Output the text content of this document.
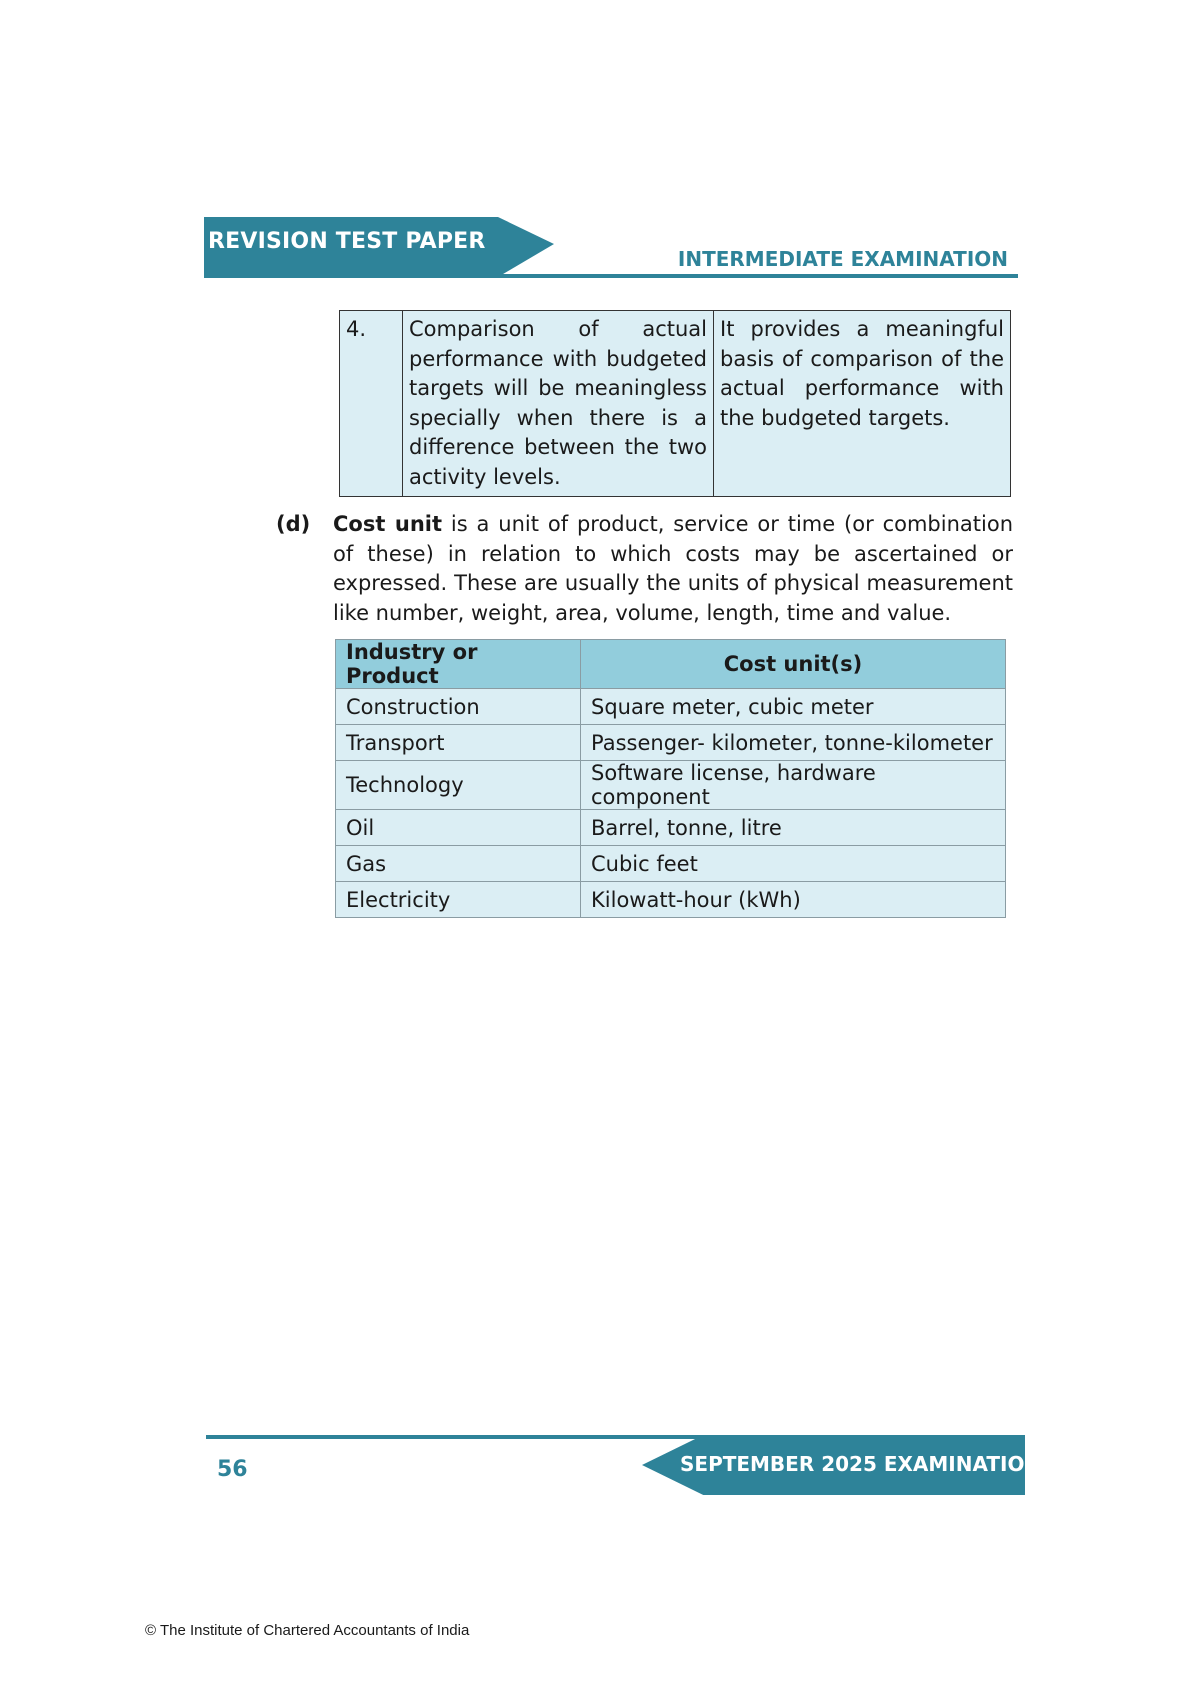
REVISION TEST PAPER
INTERMEDIATE EXAMINATION
4.	Comparison of actual performance with budgeted targets will be meaningless specially when there is a difference between the two activity levels.	It provides a meaningful basis of comparison of the actual performance with the budgeted targets.
(d) Cost unit is a unit of product, service or time (or combination of these) in relation to which costs may be ascertained or expressed. These are usually the units of physical measurement like number, weight, area, volume, length, time and value.

Industry or Product	Cost unit(s)
Construction	Square meter, cubic meter
Transport	Passenger- kilometer, tonne-kilometer
Technology	Software license, hardware component
Oil	Barrel, tonne, litre
Gas	Cubic feet
Electricity	Kilowatt-hour (kWh)
SEPTEMBER 2025 EXAMINATION
56
© The Institute of Chartered Accountants of India
